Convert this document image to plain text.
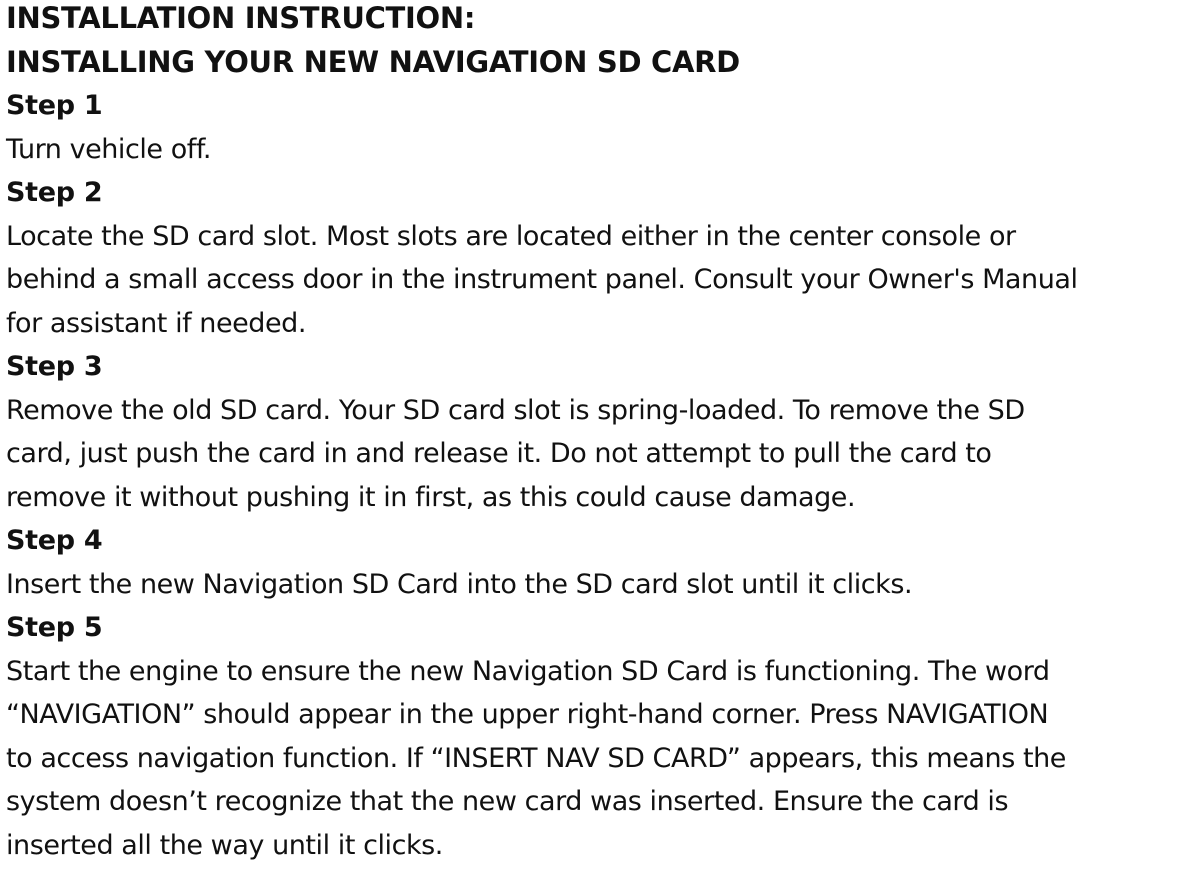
INSTALLATION INSTRUCTION:
INSTALLING YOUR NEW NAVIGATION SD CARD
Step 1
Turn vehicle off.
Step 2
Locate the SD card slot. Most slots are located either in the center console or
behind a small access door in the instrument panel. Consult your Owner's Manual
for assistant if needed.
Step 3
Remove the old SD card. Your SD card slot is spring-loaded. To remove the SD
card, just push the card in and release it. Do not attempt to pull the card to
remove it without pushing it in first, as this could cause damage.
Step 4
Insert the new Navigation SD Card into the SD card slot until it clicks.
Step 5
Start the engine to ensure the new Navigation SD Card is functioning. The word
“NAVIGATION” should appear in the upper right-hand corner. Press NAVIGATION
to access navigation function. If “INSERT NAV SD CARD” appears, this means the
system doesn’t recognize that the new card was inserted. Ensure the card is
inserted all the way until it clicks.
